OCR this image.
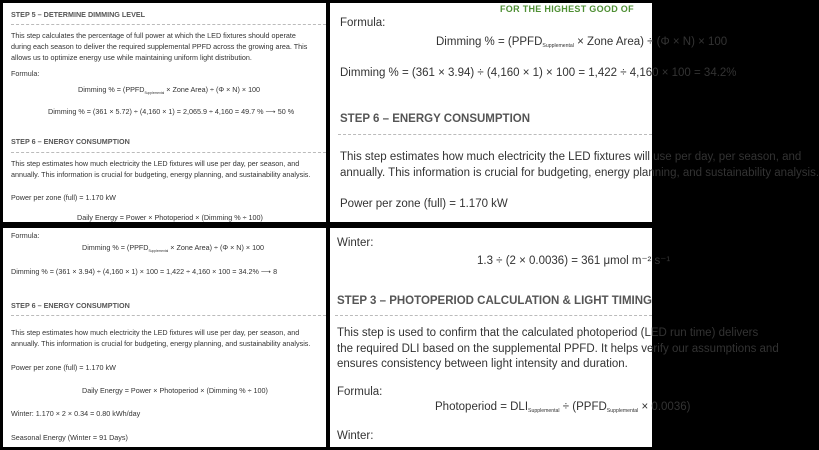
STEP 5 – DETERMINE DIMMING LEVEL
This step calculates the percentage of full power at which the LED fixtures should operate
during each season to deliver the required supplemental PPFD across the growing area. This
allows us to optimize energy use while maintaining uniform light distribution.
Formula:
Dimming % = ($PPFD_{Supplemental}$ × Zone Area) ÷ (Φ × N) × 100
Dimming % = (361 × 5.72) ÷ (4,160 × 1) = 2,065.9 ÷ 4,160 = 49.7 % ⟶ 50 %
STEP 6 – ENERGY CONSUMPTION
This step estimates how much electricity the LED fixtures will use per day, per season, and
annually. This information is crucial for budgeting, energy planning, and sustainability analysis.
Power per zone (full) = 1.170 kW
Daily Energy = Power × Photoperiod × (Dimming % ÷ 100)
FOR THE HIGHEST GOOD OF
Formula:
Dimming % = ($PPFD_{Supplemental}$ × Zone Area) ÷ (Φ × N) × 100
Dimming % = (361 × 3.94) ÷ (4,160 × 1) × 100 = 1,422 ÷ 4,160 × 100 = 34.2%
STEP 6 – ENERGY CONSUMPTION
This step estimates how much electricity the LED fixtures will use per day, per season, and
annually. This information is crucial for budgeting, energy planning, and sustainability analysis.
Power per zone (full) = 1.170 kW
Formula:
Dimming % = ($PPFD_{Supplemental}$ × Zone Area) ÷ (Φ × N) × 100
Dimming % = (361 × 3.94) ÷ (4,160 × 1) × 100 = 1,422 ÷ 4,160 × 100 = 34.2% ⟶ 8
STEP 6 – ENERGY CONSUMPTION
This step estimates how much electricity the LED fixtures will use per day, per season, and
annually. This information is crucial for budgeting, energy planning, and sustainability analysis.
Power per zone (full) = 1.170 kW
Daily Energy = Power × Photoperiod × (Dimming % ÷ 100)
Winter: 1.170 × 2 × 0.34 = 0.80 kWh/day
Seasonal Energy (Winter = 91 Days)
Winter:
1.3 ÷ (2 × 0.0036) = 361 μmol m⁻² s⁻¹
STEP 3 – PHOTOPERIOD CALCULATION & LIGHT TIMING
This step is used to confirm that the calculated photoperiod (LED run time) delivers
the required DLI based on the supplemental PPFD. It helps verify our assumptions and
ensures consistency between light intensity and duration.
Formula:
Photoperiod = $DLI_{Supplemental}$ ÷ $(PPFD_{Supplemental} \times 0.0036)$
Winter:
